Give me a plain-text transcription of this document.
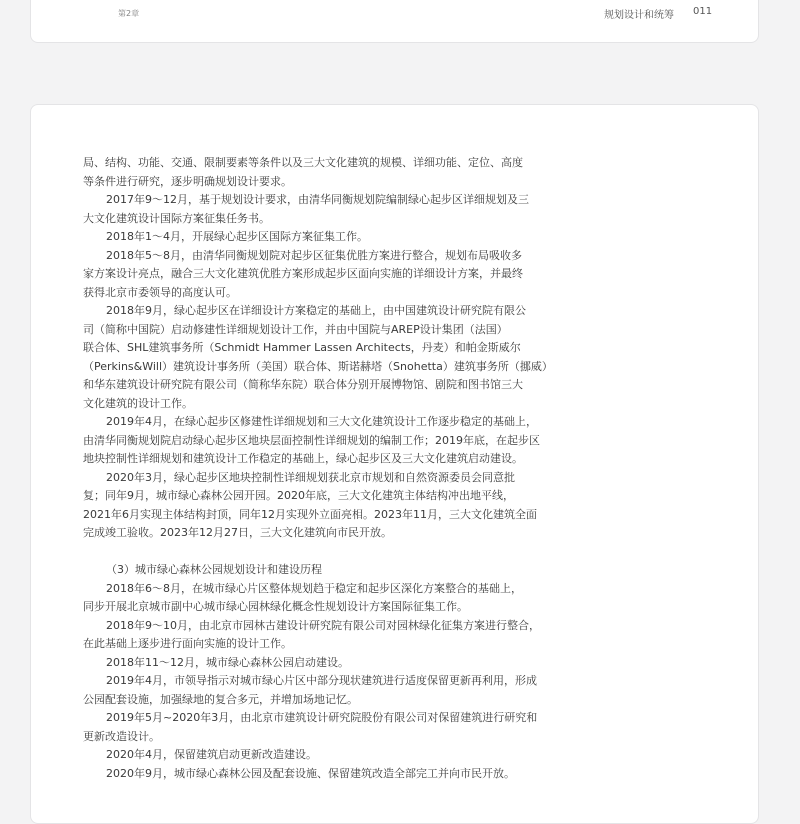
第2章	规划设计和统筹 011
局、结构、功能、交通、限制要素等条件以及三大文化建筑的规模、详细功能、定位、高度
等条件进行研究，逐步明确规划设计要求。
2017年9～12月，基于规划设计要求，由清华同衡规划院编制绿心起步区详细规划及三
大文化建筑设计国际方案征集任务书。
2018年1～4月，开展绿心起步区国际方案征集工作。
2018年5～8月，由清华同衡规划院对起步区征集优胜方案进行整合，规划布局吸收多
家方案设计亮点，融合三大文化建筑优胜方案形成起步区面向实施的详细设计方案，并最终
获得北京市委领导的高度认可。
2018年9月，绿心起步区在详细设计方案稳定的基础上，由中国建筑设计研究院有限公
司（简称中国院）启动修建性详细规划设计工作，并由中国院与AREP设计集团（法国）
联合体、SHL建筑事务所（Schmidt Hammer Lassen Architects，丹麦）和帕金斯威尔
（Perkins&Will）建筑设计事务所（美国）联合体、斯诺赫塔（Snohetta）建筑事务所（挪威）
和华东建筑设计研究院有限公司（简称华东院）联合体分别开展博物馆、剧院和图书馆三大
文化建筑的设计工作。
2019年4月，在绿心起步区修建性详细规划和三大文化建筑设计工作逐步稳定的基础上，
由清华同衡规划院启动绿心起步区地块层面控制性详细规划的编制工作；2019年底，在起步区
地块控制性详细规划和建筑设计工作稳定的基础上，绿心起步区及三大文化建筑启动建设。
2020年3月，绿心起步区地块控制性详细规划获北京市规划和自然资源委员会同意批
复；同年9月，城市绿心森林公园开园。2020年底，三大文化建筑主体结构冲出地平线，
2021年6月实现主体结构封顶，同年12月实现外立面亮相。2023年11月，三大文化建筑全面
完成竣工验收。2023年12月27日，三大文化建筑向市民开放。
（3）城市绿心森林公园规划设计和建设历程
2018年6～8月，在城市绿心片区整体规划趋于稳定和起步区深化方案整合的基础上，
同步开展北京城市副中心城市绿心园林绿化概念性规划设计方案国际征集工作。
2018年9～10月，由北京市园林古建设计研究院有限公司对园林绿化征集方案进行整合，
在此基础上逐步进行面向实施的设计工作。
2018年11～12月，城市绿心森林公园启动建设。
2019年4月，市领导指示对城市绿心片区中部分现状建筑进行适度保留更新再利用，形成
公园配套设施，加强绿地的复合多元，并增加场地记忆。
2019年5月~2020年3月，由北京市建筑设计研究院股份有限公司对保留建筑进行研究和
更新改造设计。
2020年4月，保留建筑启动更新改造建设。
2020年9月，城市绿心森林公园及配套设施、保留建筑改造全部完工并向市民开放。
